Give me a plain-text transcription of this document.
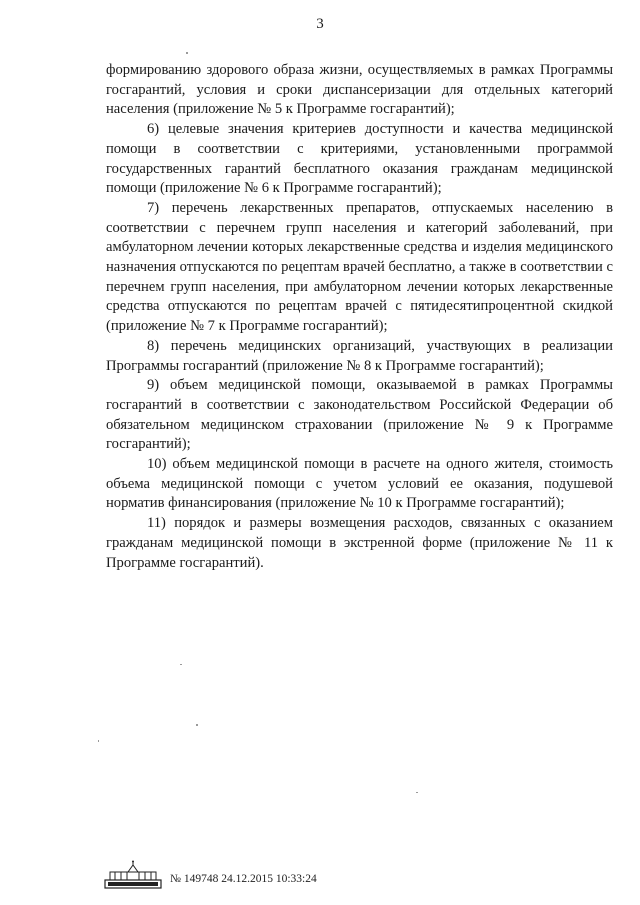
3

формированию здорового образа жизни, осуществляемых в рамках Программы госгарантий, условия и сроки диспансеризации для отдельных категорий населения (приложение № 5 к Программе госгарантий);

6) целевые значения критериев доступности и качества медицинской помощи в соответствии с критериями, установленными программой государственных гарантий бесплатного оказания гражданам медицинской помощи (приложение № 6 к Программе госгарантий);

7) перечень лекарственных препаратов, отпускаемых населению в соответствии с перечнем групп населения и категорий заболеваний, при амбулаторном лечении которых лекарственные средства и изделия медицинского назначения отпускаются по рецептам врачей бесплатно, а также в соответствии с перечнем групп населения, при амбулаторном лечении которых лекарственные средства отпускаются по рецептам врачей с пятидесятипроцентной скидкой (приложение № 7 к Программе госгарантий);

8) перечень медицинских организаций, участвующих в реализации Программы госгарантий (приложение № 8 к Программе госгарантий);

9) объем медицинской помощи, оказываемой в рамках Программы госгарантий в соответствии с законодательством Российской Федерации об обязательном медицинском страховании (приложение № 9 к Программе госгарантий);

10) объем медицинской помощи в расчете на одного жителя, стоимость объема медицинской помощи с учетом условий ее оказания, подушевой норматив финансирования (приложение № 10 к Программе госгарантий);

11) порядок и размеры возмещения расходов, связанных с оказанием гражданам медицинской помощи в экстренной форме (приложение № 11 к Программе госгарантий).

№ 149748 24.12.2015 10:33:24
